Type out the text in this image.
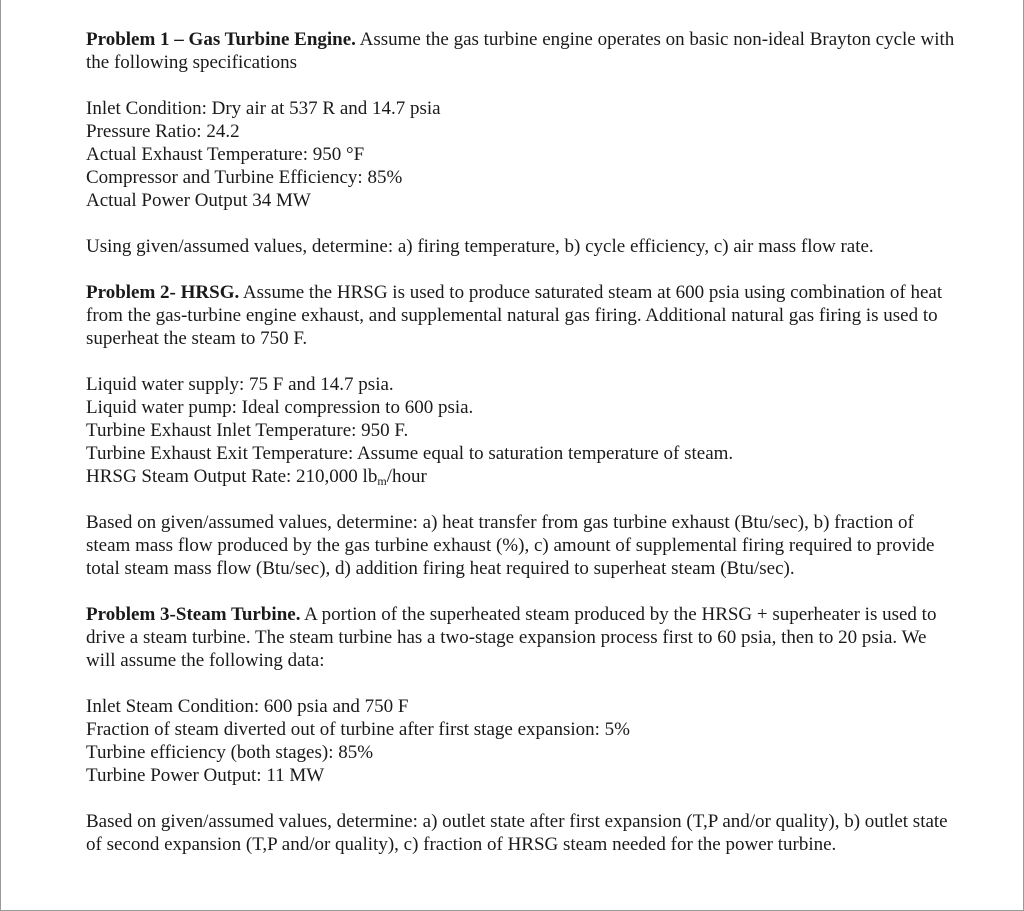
Problem 1 – Gas Turbine Engine. Assume the gas turbine engine operates on basic non-ideal Brayton cycle with the following specifications

Inlet Condition: Dry air at 537 R and 14.7 psia

Pressure Ratio: 24.2

Actual Exhaust Temperature: 950 °F

Compressor and Turbine Efficiency: 85%

Actual Power Output 34 MW

Using given/assumed values, determine: a) firing temperature, b) cycle efficiency, c) air mass flow rate.

Problem 2- HRSG. Assume the HRSG is used to produce saturated steam at 600 psia using combination of heat from the gas-turbine engine exhaust, and supplemental natural gas firing. Additional natural gas firing is used to superheat the steam to 750 F.

Liquid water supply: 75 F and 14.7 psia.

Liquid water pump: Ideal compression to 600 psia.

Turbine Exhaust Inlet Temperature: 950 F.

Turbine Exhaust Exit Temperature: Assume equal to saturation temperature of steam.

HRSG Steam Output Rate: 210,000 $lb_m$/hour

Based on given/assumed values, determine: a) heat transfer from gas turbine exhaust (Btu/sec), b) fraction of steam mass flow produced by the gas turbine exhaust (%), c) amount of supplemental firing required to provide total steam mass flow (Btu/sec), d) addition firing heat required to superheat steam (Btu/sec).

Problem 3-Steam Turbine. A portion of the superheated steam produced by the HRSG + superheater is used to drive a steam turbine. The steam turbine has a two-stage expansion process first to 60 psia, then to 20 psia. We will assume the following data:

Inlet Steam Condition: 600 psia and 750 F

Fraction of steam diverted out of turbine after first stage expansion: 5%

Turbine efficiency (both stages): 85%

Turbine Power Output: 11 MW

Based on given/assumed values, determine: a) outlet state after first expansion (T,P and/or quality), b) outlet state of second expansion (T,P and/or quality), c) fraction of HRSG steam needed for the power turbine.
